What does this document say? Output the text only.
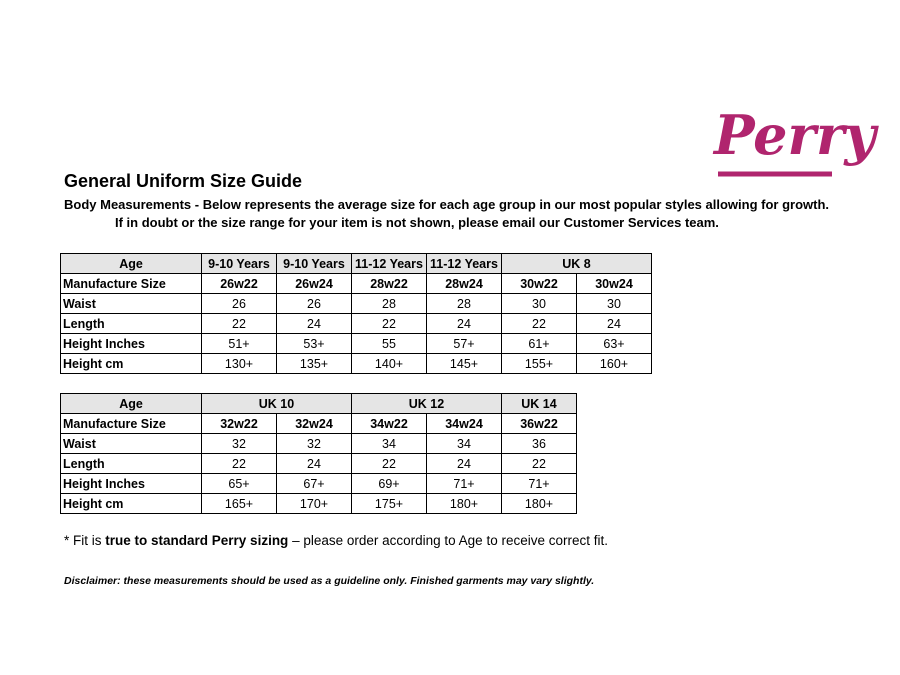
Perry
General Uniform Size Guide
Body Measurements - Below represents the average size for each age group in our most popular styles allowing for growth.
If in doubt or the size range for your item is not shown, please email our Customer Services team.
Age	9-10 Years	9-10 Years	11-12 Years	11-12 Years	UK 8	
Manufacture Size	26w22	26w24	28w22	28w24	30w22	30w24
Waist	26	26	28	28	30	30
Length	22	24	22	24	22	24
Height Inches	51+	53+	55	57+	61+	63+
Height cm	130+	135+	140+	145+	155+	160+
Age	UK 10		UK 12		UK 14
Manufacture Size	32w22	32w24	34w22	34w24	36w22
Waist	32	32	34	34	36
Length	22	24	22	24	22
Height Inches	65+	67+	69+	71+	71+
Height cm	165+	170+	175+	180+	180+
* Fit is true to standard Perry sizing – please order according to Age to receive correct fit.
Disclaimer: these measurements should be used as a guideline only. Finished garments may vary slightly.
